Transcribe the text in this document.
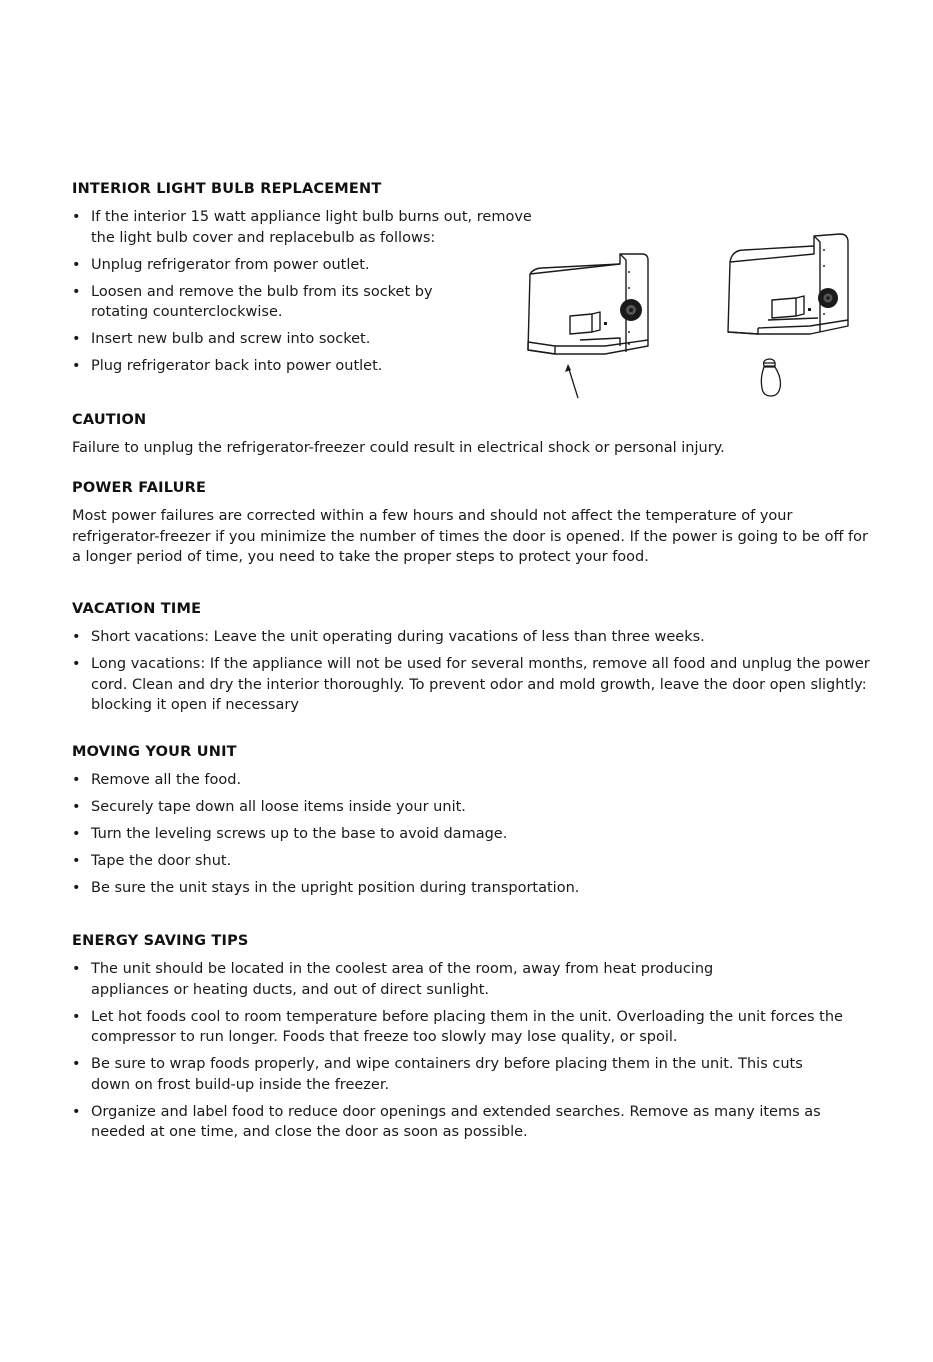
INTERIOR LIGHT BULB REPLACEMENT
• If the interior 15 watt appliance light bulb burns out, remove the light bulb cover and replacebulb as follows:
• Unplug refrigerator from power outlet.
• Loosen and remove the bulb from its socket by rotating counterclockwise.
• Insert new bulb and screw into socket.
• Plug refrigerator back into power outlet.
CAUTION

Failure to unplug the refrigerator-freezer could result in electrical shock or personal injury.

POWER FAILURE

Most power failures are corrected within a few hours and should not affect the temperature of your refrigerator-freezer if you minimize the number of times the door is opened. If the power is going to be off for a longer period of time, you need to take the proper steps to protect your food.

VACATION TIME
• Short vacations: Leave the unit operating during vacations of less than three weeks.
• Long vacations: If the appliance will not be used for several months, remove all food and unplug the power cord. Clean and dry the interior thoroughly. To prevent odor and mold growth, leave the door open slightly: blocking it open if necessary
MOVING YOUR UNIT
• Remove all the food.
• Securely tape down all loose items inside your unit.
• Turn the leveling screws up to the base to avoid damage.
• Tape the door shut.
• Be sure the unit stays in the upright position during transportation.
ENERGY SAVING TIPS
• The unit should be located in the coolest area of the room, away from heat producing appliances or heating ducts, and out of direct sunlight.
• Let hot foods cool to room temperature before placing them in the unit. Overloading the unit forces the compressor to run longer. Foods that freeze too slowly may lose quality, or spoil.
• Be sure to wrap foods properly, and wipe containers dry before placing them in the unit. This cuts down on frost build-up inside the freezer.
• Organize and label food to reduce door openings and extended searches. Remove as many items as needed at one time, and close the door as soon as possible.
